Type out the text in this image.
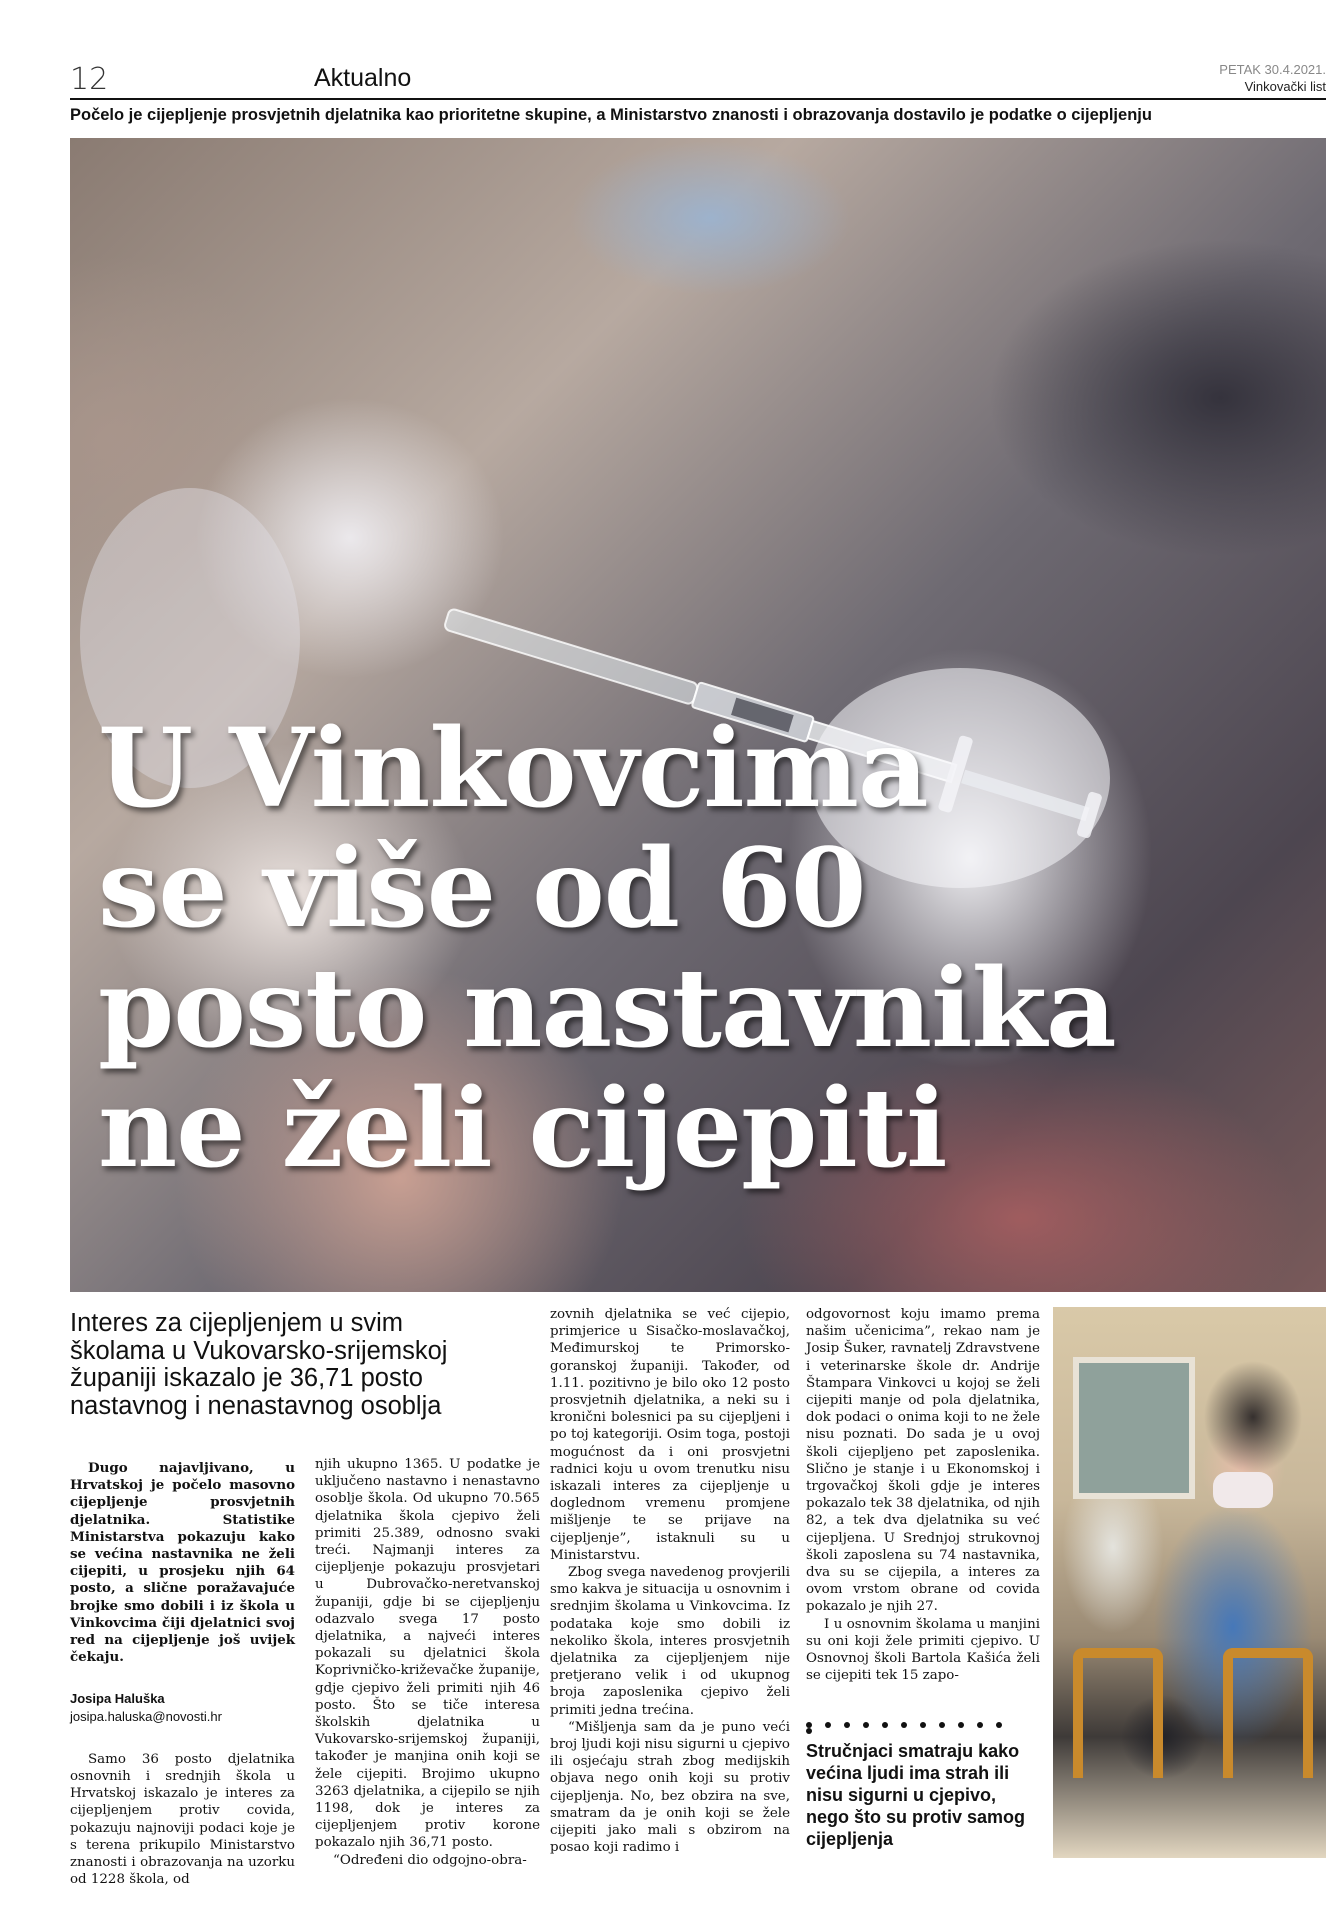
12	Aktualno	PETAK 30.4.2021.
Vinkovački list
Počelo je cijepljenje prosvjetnih djelatnika kao prioritetne skupine, a Ministarstvo znanosti i obrazovanja dostavilo je podatke o cijepljenju
U Vinkovcima
se više od 60
posto nastavnika
ne želi cijepiti
Interes za cijepljenjem u svim školama u Vukovarsko-srijemskoj županiji iskazalo je 36,71 posto nastavnog i nenastavnog osoblja

Dugo najavljivano, u Hrvatskoj je počelo masovno cijepljenje prosvjetnih djelatnika. Statistike Ministarstva pokazuju kako se većina nastavnika ne želi cijepiti, u prosjeku njih 64 posto, a slične poražavajuće brojke smo dobili i iz škola u Vinkovcima čiji djelatnici svoj red na cijepljenje još uvijek čekaju.

Josipa Haluška

josipa.haluska@novosti.hr

Samo 36 posto djelatnika osnovnih i srednjih škola u Hrvatskoj iskazalo je interes za cijepljenjem protiv covida, pokazuju najnoviji podaci koje je s terena prikupilo Ministarstvo znanosti i obrazovanja na uzorku od 1228 škola, od

njih ukupno 1365. U podatke je uključeno nastavno i nenastavno osoblje škola. Od ukupno 70.565 djelatnika škola cjepivo želi primiti 25.389, odnosno svaki treći. Najmanji interes za cijepljenje pokazuju prosvjetari u Dubrovačko-neretvanskoj županiji, gdje bi se cijepljenju odazvalo svega 17 posto djelatnika, a najveći interes pokazali su djelatnici škola Koprivničko-križevačke županije, gdje cjepivo želi primiti njih 46 posto. Što se tiče interesa školskih djelatnika u Vukovarsko-srijemskoj županiji, također je manjina onih koji se žele cijepiti. Brojimo ukupno 3263 djelatnika, a cijepilo se njih 1198, dok je interes za cijepljenjem protiv korone pokazalo njih 36,71 posto.

“Određeni dio odgojno-obra-

zovnih djelatnika se već cijepio, primjerice u Sisačko-moslavačkoj, Međimurskoj te Primorsko-goranskoj županiji. Također, od 1.11. pozitivno je bilo oko 12 posto prosvjetnih djelatnika, a neki su i kronični bolesnici pa su cijepljeni i po toj kategoriji. Osim toga, postoji mogućnost da i oni prosvjetni radnici koju u ovom trenutku nisu iskazali interes za cijepljenje u doglednom vremenu promjene mišljenje te se prijave na cijepljenje”, istaknuli su u Ministarstvu.

Zbog svega navedenog provjerili smo kakva je situacija u osnovnim i srednjim školama u Vinkovcima. Iz podataka koje smo dobili iz nekoliko škola, interes prosvjetnih djelatnika za cijepljenjem nije pretjerano velik i od ukupnog broja zaposlenika cjepivo želi primiti jedna trećina.

“Mišljenja sam da je puno veći broj ljudi koji nisu sigurni u cjepivo ili osjećaju strah zbog medijskih objava nego onih koji su protiv cijepljenja. No, bez obzira na sve, smatram da je onih koji se žele cijepiti jako mali s obzirom na posao koji radimo i

odgovornost koju imamo prema našim učenicima”, rekao nam je Josip Šuker, ravnatelj Zdravstvene i veterinarske škole dr. Andrije Štampara Vinkovci u kojoj se želi cijepiti manje od pola djelatnika, dok podaci o onima koji to ne žele nisu poznati. Do sada je u ovoj školi cijepljeno pet zaposlenika. Slično je stanje i u Ekonomskoj i trgovačkoj školi gdje je interes pokazalo tek 38 djelatnika, od njih 82, a tek dva djelatnika su već cijepljena. U Srednjoj strukovnoj školi zaposlena su 74 nastavnika, dva su se cijepila, a interes za ovom vrstom obrane od covida pokazalo je njih 27.

I u osnovnim školama u manjini su oni koji žele primiti cjepivo. U Osnovnoj školi Bartola Kašića želi se cijepiti tek 15 zapo-

Stručnjaci smatraju kako većina ljudi ima strah ili nisu sigurni u cjepivo, nego što su protiv samog cijepljenja
